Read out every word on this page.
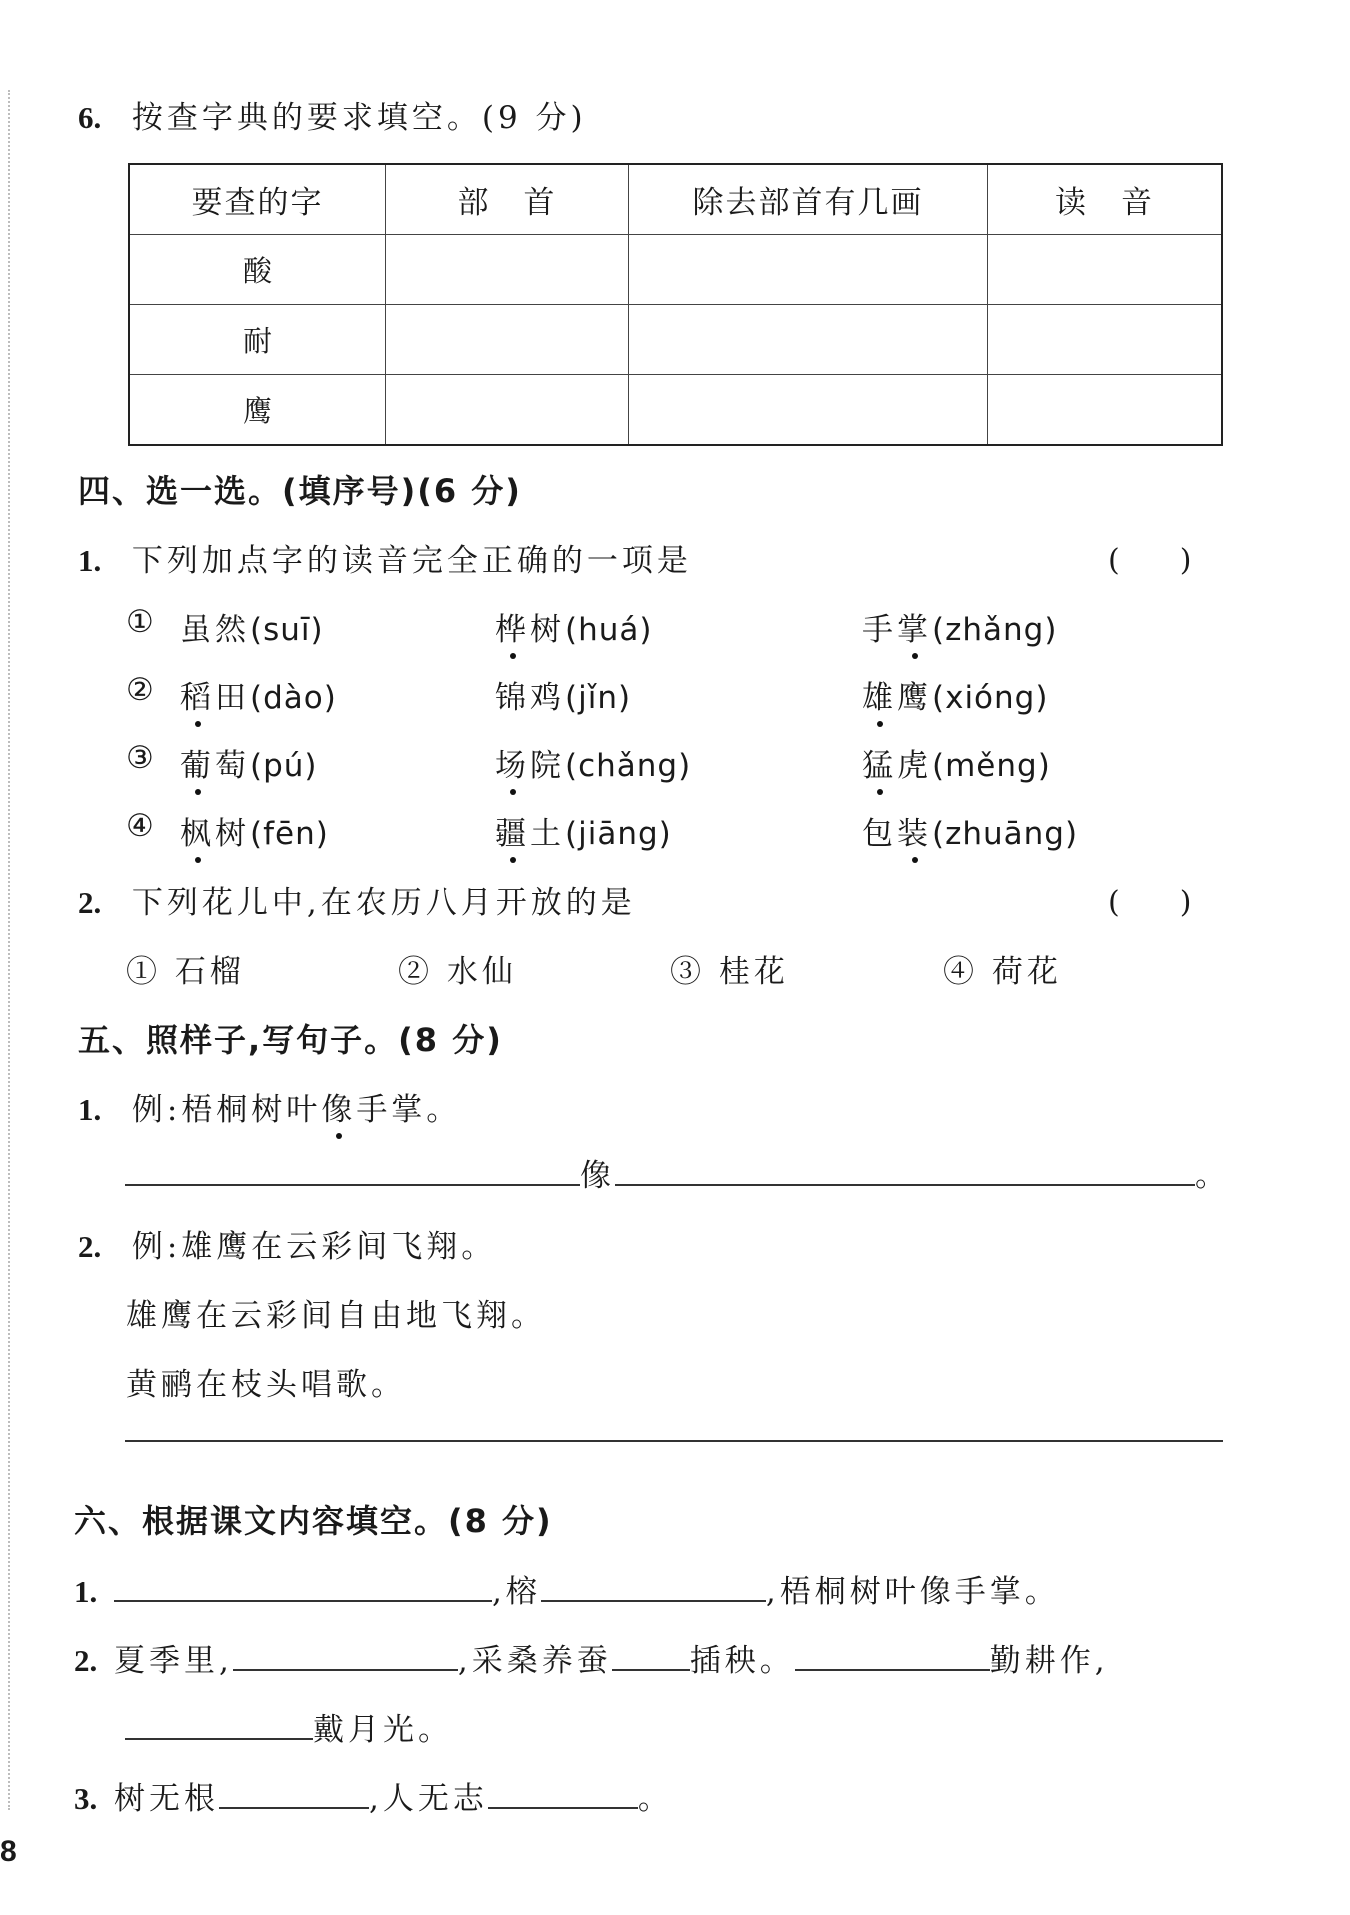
6. 按查字典的要求填空。(9 分)
要查的字	部　首	除去部首有几画	读　音
酸			
耐			
鹰			
四、选一选。(填序号)(6 分)
1. 下列加点字的读音完全正确的一项是	(　　)
① 虽然(suī)	桦树(huá)	手掌(zhǎng)
② 稻田(dào)	锦鸡(jǐn)	雄鹰(xióng)
③ 葡萄(pú)	场院(chǎng)	猛虎(měng)
④ 枫树(fēn)	疆土(jiāng)	包装(zhuāng)
2. 下列花儿中,在农历八月开放的是	(　　)
① 石榴	② 水仙	③ 桂花	④ 荷花
五、照样子,写句子。(8 分)
1. 例:梧桐树叶像手掌。
像	。
2. 例:雄鹰在云彩间飞翔。
雄鹰在云彩间自由地飞翔。
黄鹂在枝头唱歌。
六、根据课文内容填空。(8 分)
1.	,榕	,梧桐树叶像手掌。
2. 夏季里,	,采桑养蚕	插秧。	勤耕作,
戴月光。
3. 树无根	,人无志	。
8
